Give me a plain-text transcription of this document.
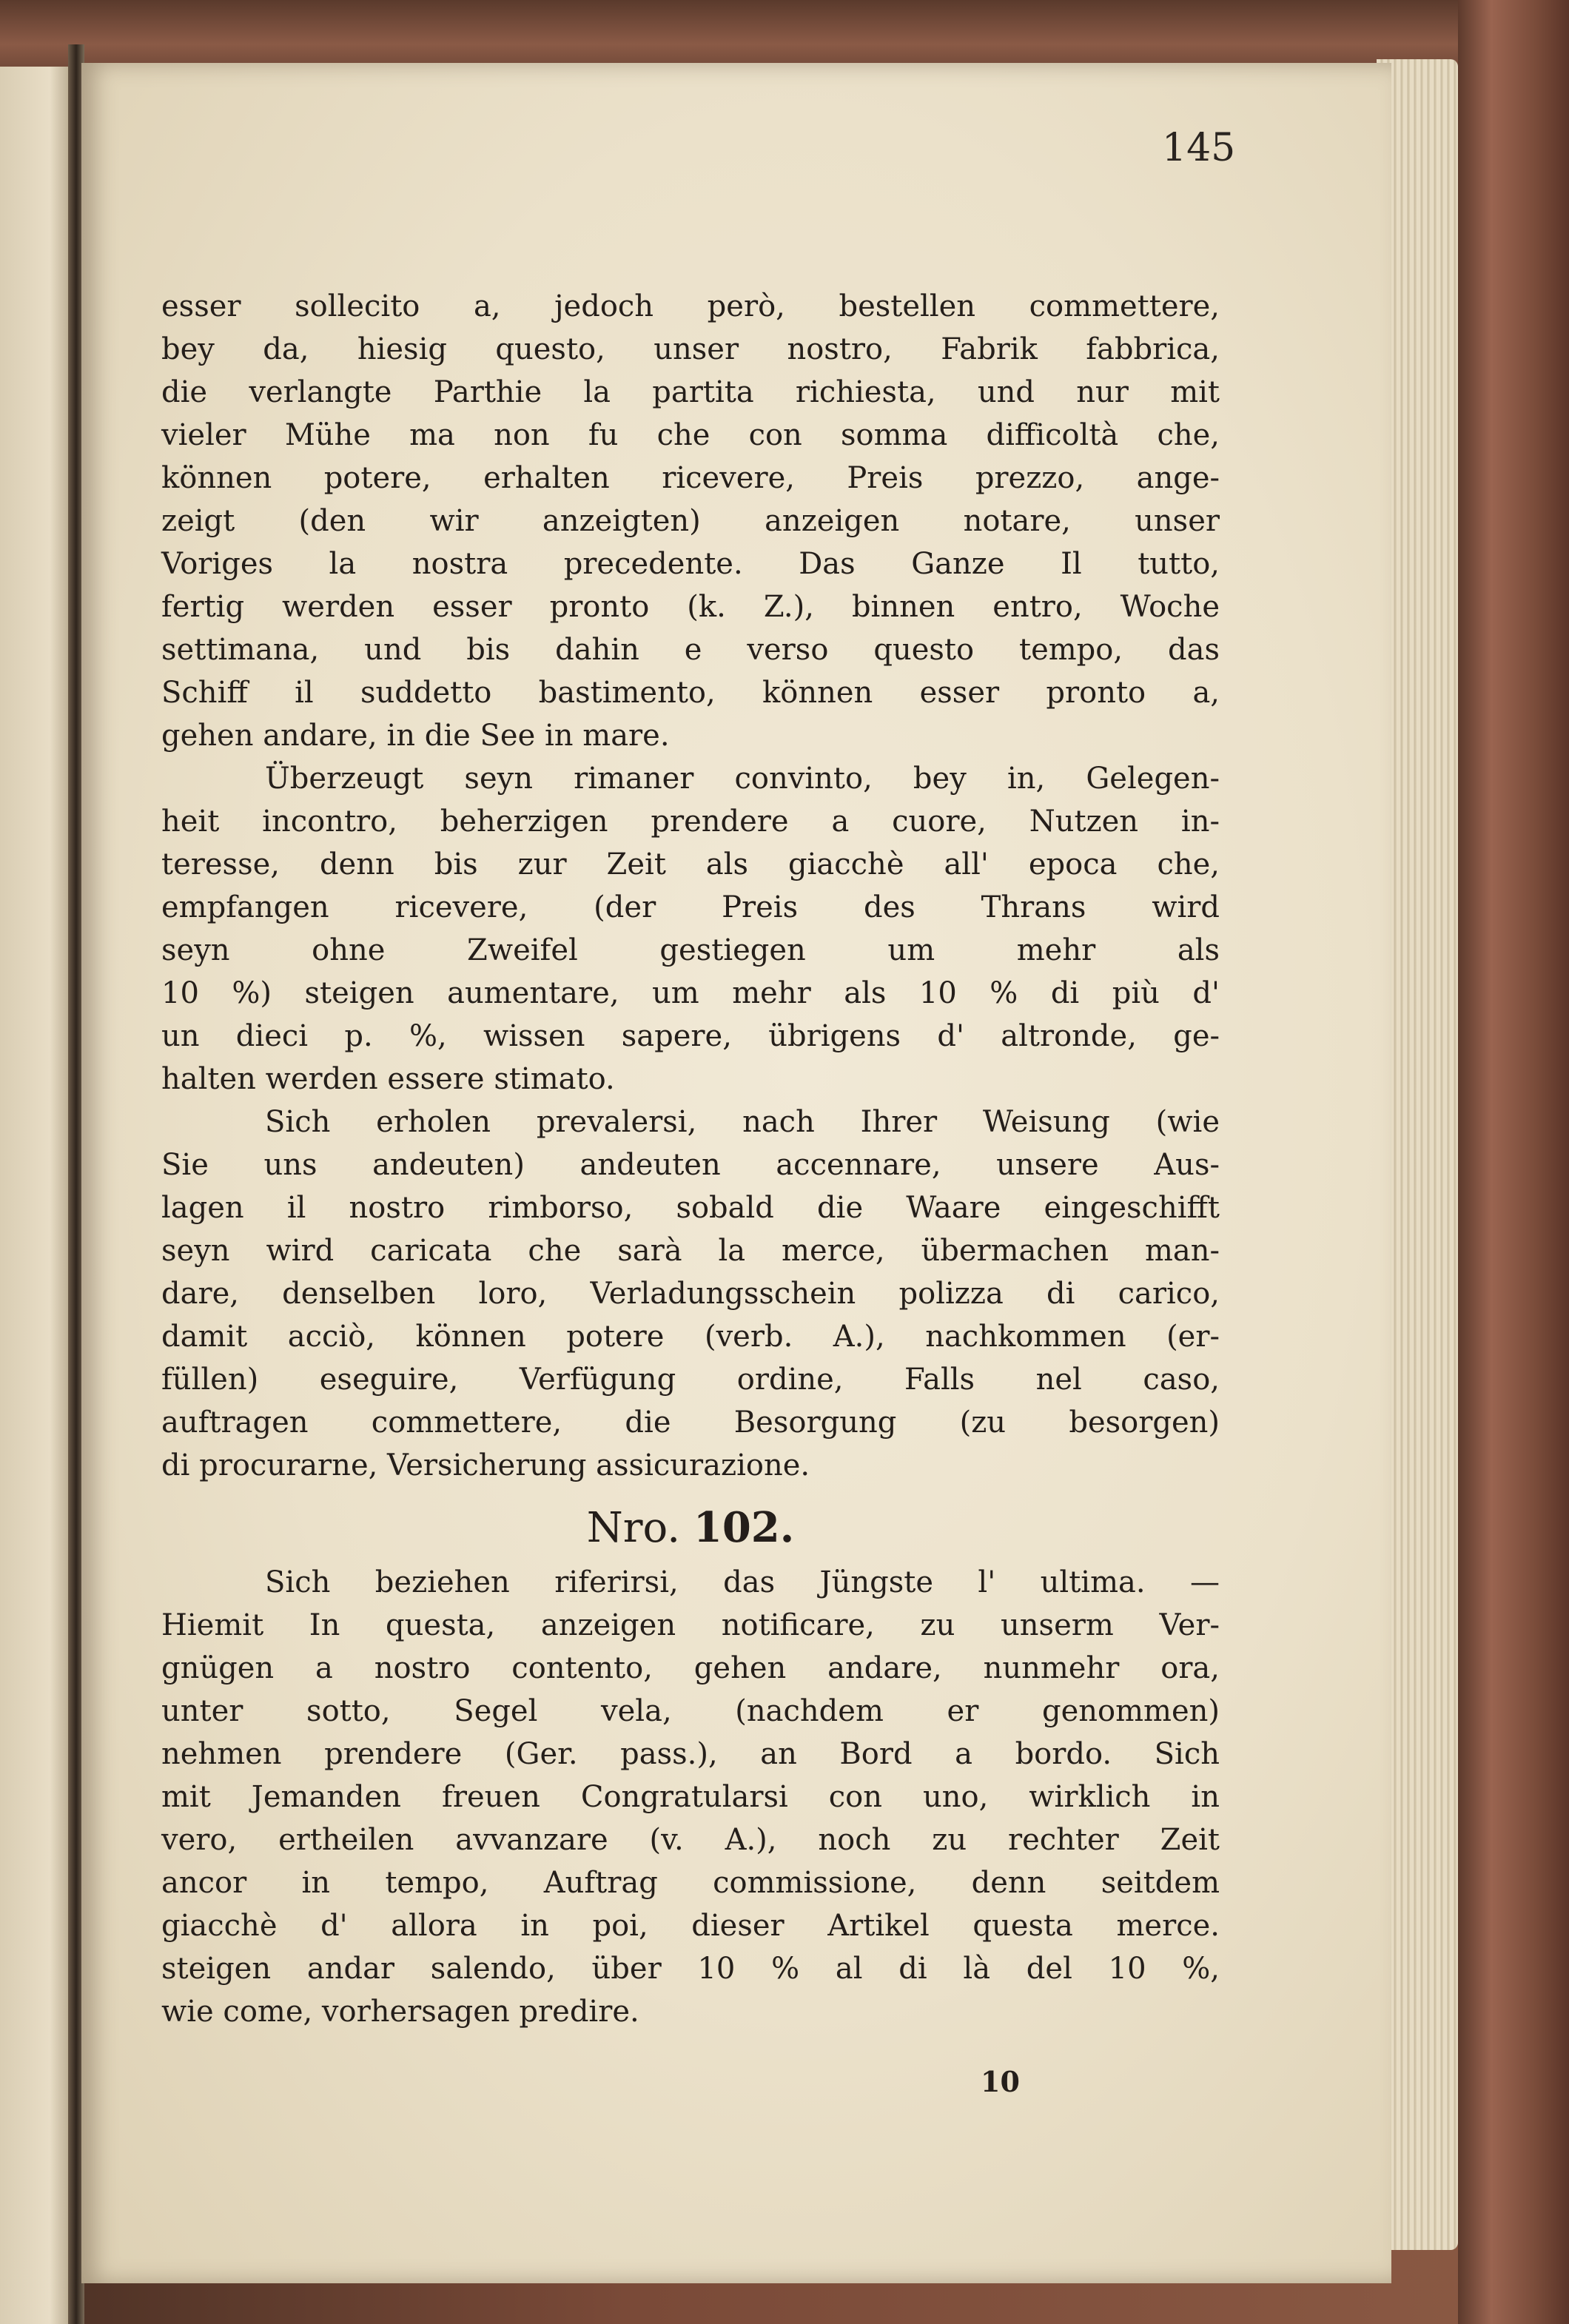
145
esser sollecito a, jedoch però, bestellen commettere,
bey da, hiesig questo, unser nostro, Fabrik fabbrica,
die verlangte Parthie la partita richiesta, und nur mit
vieler Mühe ma non fu che con somma difficoltà che,
können potere, erhalten ricevere, Preis prezzo, ange-
zeigt (den wir anzeigten) anzeigen notare, unser
Voriges la nostra precedente. Das Ganze Il tutto,
fertig werden esser pronto (k. Z.), binnen entro, Woche
settimana, und bis dahin e verso questo tempo, das
Schiff il suddetto bastimento, können esser pronto a,
gehen andare, in die See in mare.
Überzeugt seyn rimaner convinto, bey in, Gelegen-
heit incontro, beherzigen prendere a cuore, Nutzen in-
teresse, denn bis zur Zeit als giacchè all' epoca che,
empfangen ricevere, (der Preis des Thrans wird
seyn ohne Zweifel gestiegen um mehr als
10 %) steigen aumentare, um mehr als 10 % di più d'
un dieci p. %, wissen sapere, übrigens d' altronde, ge-
halten werden essere stimato.
Sich erholen prevalersi, nach Ihrer Weisung (wie
Sie uns andeuten) andeuten accennare, unsere Aus-
lagen il nostro rimborso, sobald die Waare eingeschifft
seyn wird caricata che sarà la merce, übermachen man-
dare, denselben loro, Verladungsschein polizza di carico,
damit acciò, können potere (verb. A.), nachkommen (er-
füllen) eseguire, Verfügung ordine, Falls nel caso,
auftragen commettere, die Besorgung (zu besorgen)
di procurarne, Versicherung assicurazione.
Nro. 102.
Sich beziehen riferirsi, das Jüngste l' ultima. —
Hiemit In questa, anzeigen notificare, zu unserm Ver-
gnügen a nostro contento, gehen andare, nunmehr ora,
unter sotto, Segel vela, (nachdem er genommen)
nehmen prendere (Ger. pass.), an Bord a bordo. Sich
mit Jemanden freuen Congratularsi con uno, wirklich in
vero, ertheilen avvanzare (v. A.), noch zu rechter Zeit
ancor in tempo, Auftrag commissione, denn seitdem
giacchè d' allora in poi, dieser Artikel questa merce.
steigen andar salendo, über 10 % al di là del 10 %,
wie come, vorhersagen predire.
10
